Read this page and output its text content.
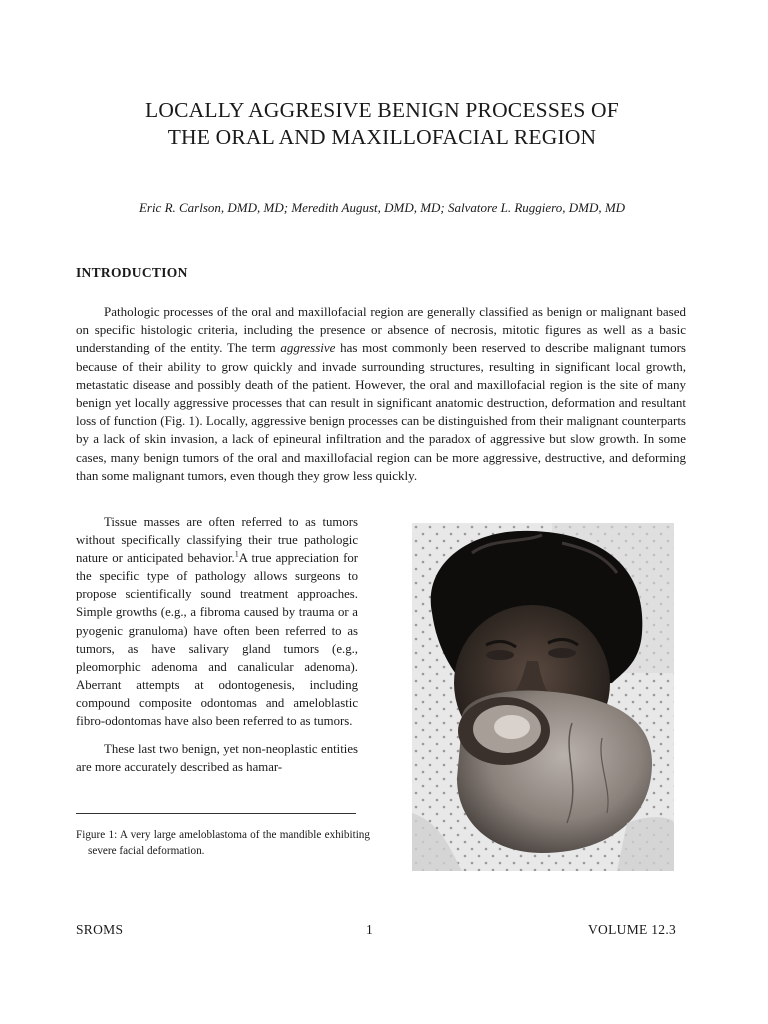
LOCALLY AGGRESIVE BENIGN PROCESSES OF
THE ORAL AND MAXILLOFACIAL REGION

Eric R. Carlson, DMD, MD; Meredith August, DMD, MD; Salvatore L. Ruggiero, DMD, MD

INTRODUCTION

Pathologic processes of the oral and maxillofacial region are generally classified as benign or malignant based on specific histologic criteria, including the presence or absence of necrosis, mitotic figures as well as a basic understanding of the entity. The term aggressive has most commonly been reserved to describe malignant tumors because of their ability to grow quickly and invade surrounding structures, resulting in significant local growth, metastatic disease and possibly death of the patient. However, the oral and maxillofacial region is the site of many benign yet locally aggressive processes that can result in significant anatomic destruction, deformation and resultant loss of function (Fig. 1). Locally, aggressive benign processes can be distinguished from their malignant counterparts by a lack of skin invasion, a lack of epineural infiltration and the paradox of aggressive but slow growth. In some cases, many benign tumors of the oral and maxillofacial region can be more aggressive, destructive, and deforming than some malignant tumors, even though they grow less quickly.

Tissue masses are often referred to as tumors without specifically classifying their true pathologic nature or anticipated behavior.$^1$A true appreciation for the specific type of pathology allows surgeons to propose scientifically sound treatment approaches. Simple growths (e.g., a fibroma caused by trauma or a pyogenic granuloma) have often been referred to as tumors, as have salivary gland tumors (e.g., pleomorphic adenoma and canalicular adenoma). Aberrant attempts at odontogenesis, including compound composite odontomas and ameloblastic fibro-odontomas have also been referred to as tumors.

These last two benign, yet non-neoplastic entities are more accurately described as hamar-

Figure 1: A very large ameloblastoma of the mandible exhibiting severe facial deformation.

SROMS	1	VOLUME 12.3
